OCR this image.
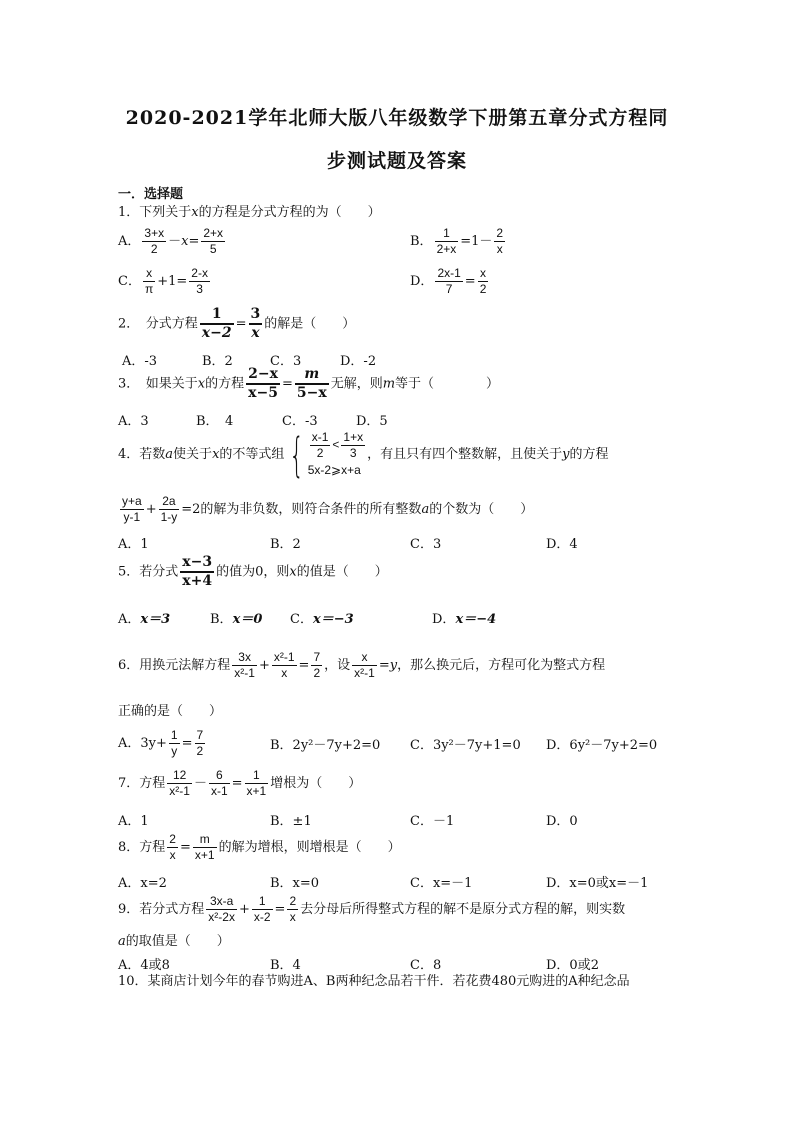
2020-2021学年北师大版八年级数学下册第五章分式方程同
步测试题及答案
一．选择题
1．下列关于x的方程是分式方程的为（　　）
A． $\frac{3+x}{2} -x= \frac{2+x}{5}$	B． $\frac{1}{2+x} =1- \frac{2}{x}$
C． $\frac{x}{\pi} +1= \frac{2-x}{3}$	D． $\frac{2x-1}{7} = \frac{x}{2}$
2．　分式方程 $\frac{1}{x-2} = \frac{3}{x}$ 的解是（　　）
A．-3	B．2	C．3	D．-2
3．　如果关于x的方程 $\frac{2-x}{x-5} = \frac{m}{5-x}$ 无解，则m等于（　　　　）
A．3	B．　4	C．-3	D．5
4．若数a使关于x的不等式组 { $\frac{x-1}{2} < \frac{1+x}{3}$
5x-2⩾x+a
，有且只有四个整数解，且使关于y的方程
$\frac{y+a}{y-1} + \frac{2a}{1-y} =2$的解为非负数，则符合条件的所有整数a的个数为（　　）
A．1	B．2	C．3	D．4
5．若分式 $\frac{x-3}{x+4}$ 的值为0，则x的值是（　　）
A．x＝3	B．x＝0 C．x＝−3	D．x＝−4
6．用换元法解方程 $\frac{3x}{\text{x²-1}} + \frac{\text{x²-1}}{x} = \frac{7}{2}$ ，设 $\frac{x}{\text{x²-1}} =y$，那么换元后，方程可化为整式方程
正确的是（　　）
A．$3y+ \frac{1}{y} = \frac{7}{2}$	B．2y²－7y+2=0 C．3y²－7y+1=0 D．6y²－7y+2=0
7．方程 $\frac{12}{\text{x²-1}} - \frac{6}{x-1} = \frac{1}{x+1}$ 增根为（　　）
A．1	B．±1	C．－1	D．0
8．方程 $\frac{2}{x} = \frac{m}{x+1}$ 的解为增根，则增根是（　　）
A．x=2	B．x=0	C．x=－1	D．x=0或x=－1
9．若分式方程 $\frac{3x-a}{\text{x²-2x}} + \frac{1}{x-2} = \frac{2}{x}$ 去分母后所得整式方程的解不是原分式方程的解，则实数
a的取值是（　　）
A．4或8	B．4	C．8	D．0或2
10．某商店计划今年的春节购进A、B两种纪念品若干件．若花费480元购进的A种纪念品
